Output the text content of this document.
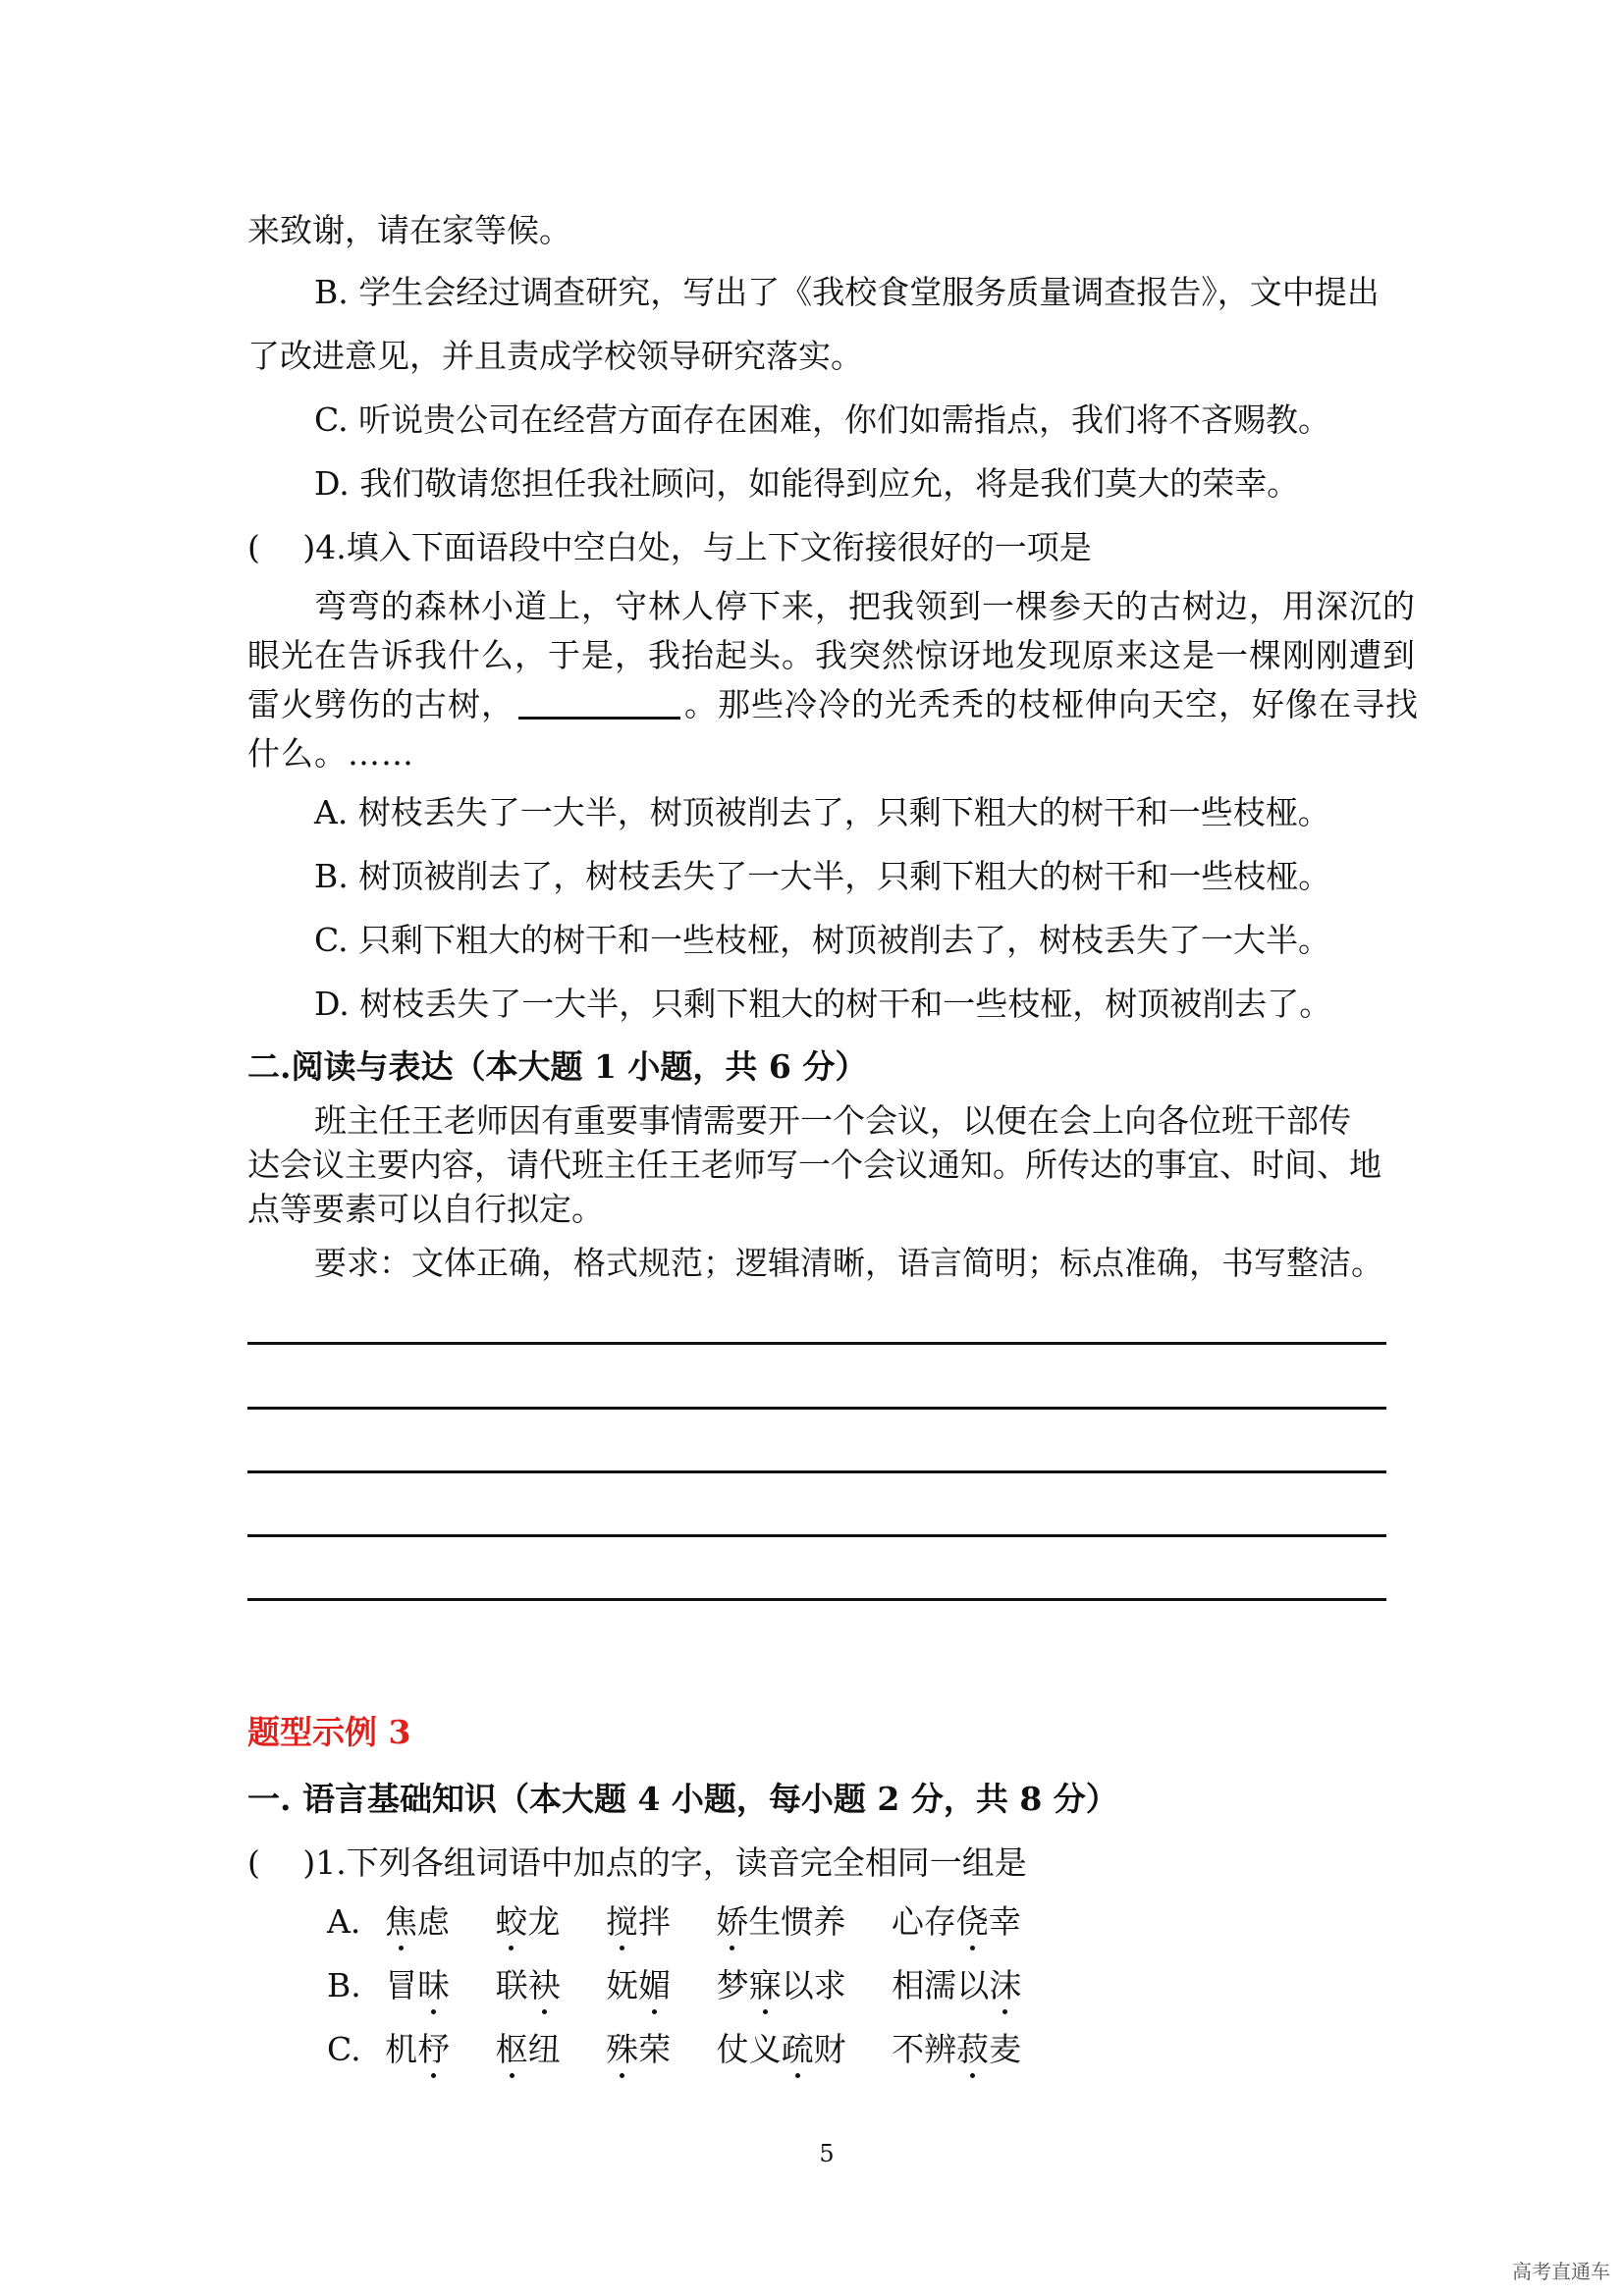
来致谢，请在家等候。
B. 学生会经过调查研究，写出了《我校食堂服务质量调查报告》，文中提出
了改进意见，并且责成学校领导研究落实。
C. 听说贵公司在经营方面存在困难，你们如需指点，我们将不吝赐教。
D. 我们敬请您担任我社顾问，如能得到应允，将是我们莫大的荣幸。
(　 )4.填入下面语段中空白处，与上下文衔接很好的一项是
弯弯的森林小道上，守林人停下来，把我领到一棵参天的古树边，用深沉的
眼光在告诉我什么，于是，我抬起头。我突然惊讶地发现原来这是一棵刚刚遭到
雷火劈伤的古树，	。那些冷冷的光秃秃的枝桠伸向天空，好像在寻找
什么。……
A. 树枝丢失了一大半，树顶被削去了，只剩下粗大的树干和一些枝桠。
B. 树顶被削去了，树枝丢失了一大半，只剩下粗大的树干和一些枝桠。
C. 只剩下粗大的树干和一些枝桠，树顶被削去了，树枝丢失了一大半。
D. 树枝丢失了一大半，只剩下粗大的树干和一些枝桠，树顶被削去了。
二.阅读与表达（本大题 1 小题，共 6 分）
班主任王老师因有重要事情需要开一个会议，以便在会上向各位班干部传
达会议主要内容，请代班主任王老师写一个会议通知。所传达的事宜、时间、地
点等要素可以自行拟定。
要求：文体正确，格式规范；逻辑清晰，语言简明；标点准确，书写整洁。
题型示例 3
一. 语言基础知识（本大题 4 小题，每小题 2 分，共 8 分）
(　 )1.下列各组词语中加点的字，读音完全相同一组是
A. 焦虑 蛟龙 搅拌 娇生惯养 心存侥幸
B. 冒昧 联袂 妩媚 梦寐以求 相濡以沫
C. 机杼 枢纽 殊荣 仗义疏财 不辨菽麦
5
高考直通车
